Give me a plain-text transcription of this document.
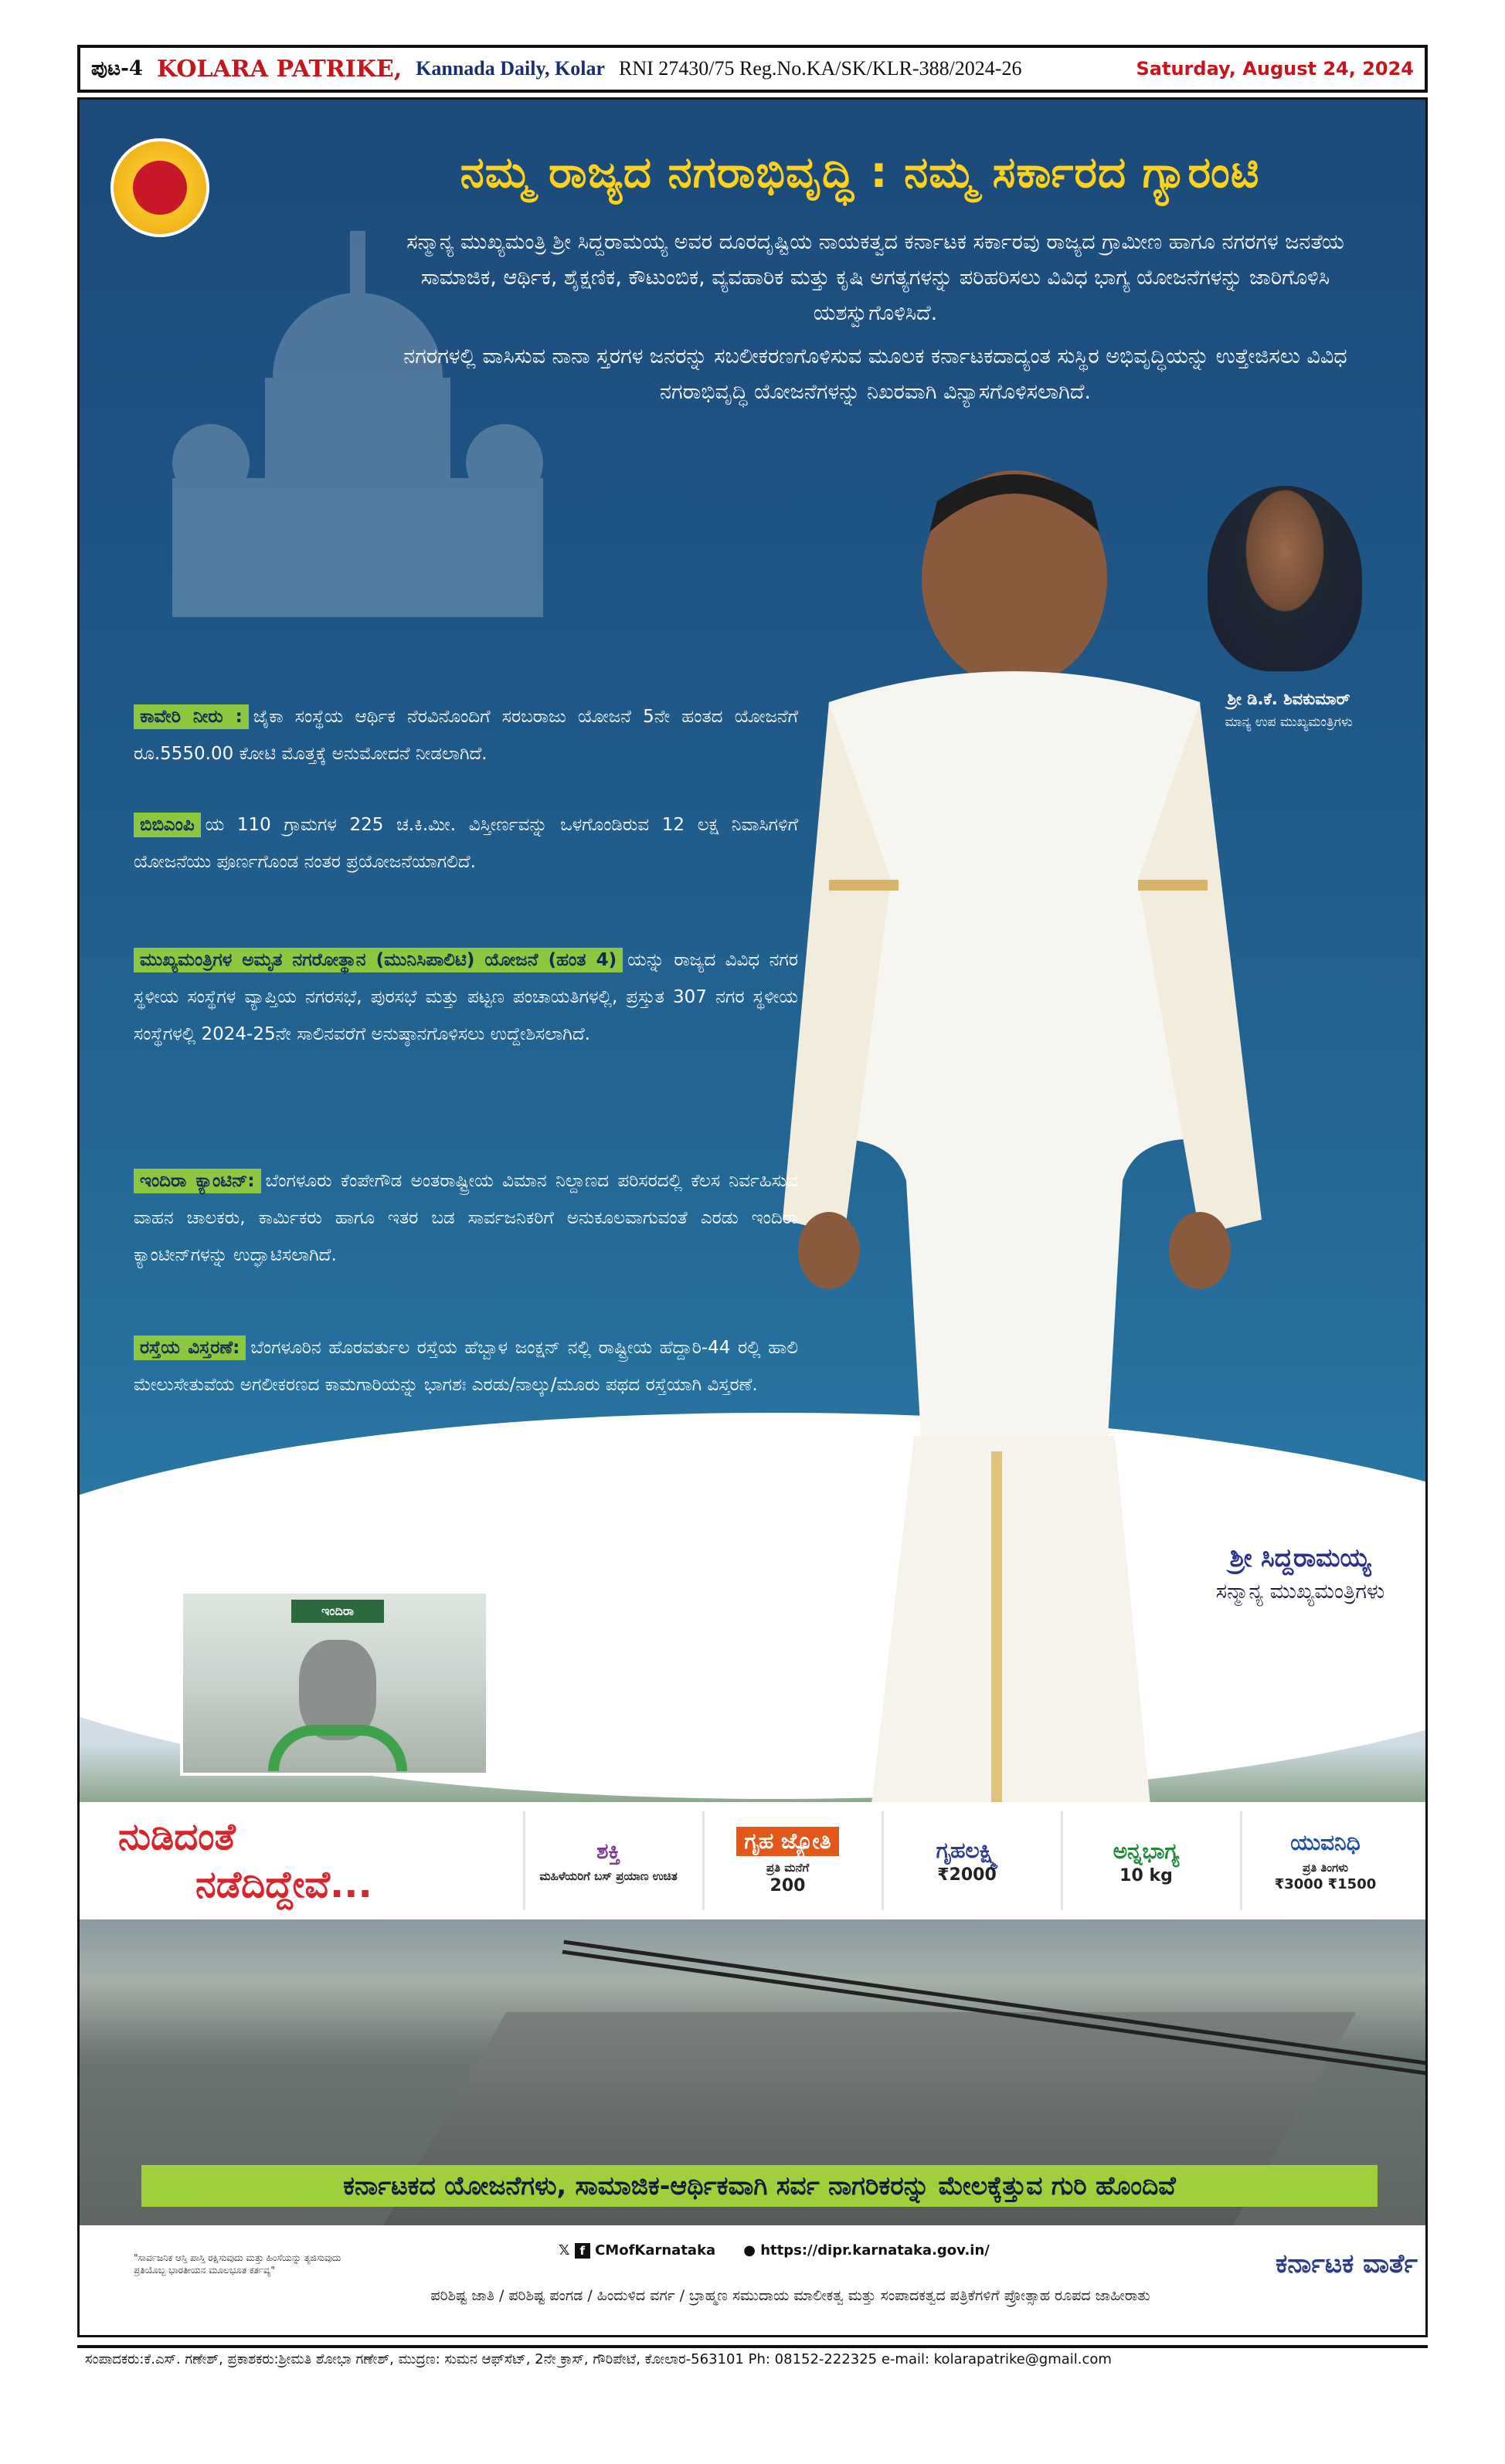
ಪುಟ-4 KOLARA PATRIKE, Kannada Daily, Kolar RNI 27430/75 Reg.No.KA/SK/KLR-388/2024-26	Saturday, August 24, 2024
ನಮ್ಮ ರಾಜ್ಯದ ನಗರಾಭಿವೃದ್ಧಿ : ನಮ್ಮ ಸರ್ಕಾರದ ಗ್ಯಾರಂಟಿ

ಸನ್ಮಾನ್ಯ ಮುಖ್ಯಮಂತ್ರಿ ಶ್ರೀ ಸಿದ್ದರಾಮಯ್ಯ ಅವರ ದೂರದೃಷ್ಟಿಯ ನಾಯಕತ್ವದ ಕರ್ನಾಟಕ ಸರ್ಕಾರವು ರಾಜ್ಯದ ಗ್ರಾಮೀಣ ಹಾಗೂ ನಗರಗಳ ಜನತೆಯ ಸಾಮಾಜಿಕ, ಆರ್ಥಿಕ, ಶೈಕ್ಷಣಿಕ, ಕೌಟುಂಬಿಕ, ವ್ಯವಹಾರಿಕ ಮತ್ತು ಕೃಷಿ ಅಗತ್ಯಗಳನ್ನು ಪರಿಹರಿಸಲು ವಿವಿಧ ಭಾಗ್ಯ ಯೋಜನೆಗಳನ್ನು ಜಾರಿಗೊಳಿಸಿ ಯಶಸ್ವುಗೊಳಿಸಿದೆ.

ನಗರಗಳಲ್ಲಿ ವಾಸಿಸುವ ನಾನಾ ಸ್ತರಗಳ ಜನರನ್ನು ಸಬಲೀಕರಣಗೊಳಿಸುವ ಮೂಲಕ ಕರ್ನಾಟಕದಾದ್ಯಂತ ಸುಸ್ಥಿರ ಅಭಿವೃದ್ಧಿಯನ್ನು ಉತ್ತೇಜಿಸಲು ವಿವಿಧ ನಗರಾಭಿವೃದ್ಧಿ ಯೋಜನೆಗಳನ್ನು ನಿಖರವಾಗಿ ವಿನ್ಯಾಸಗೊಳಿಸಲಾಗಿದೆ.

ಶ್ರೀ ಡಿ.ಕೆ. ಶಿವಕುಮಾರ್
ಮಾನ್ಯ ಉಪ ಮುಖ್ಯಮಂತ್ರಿಗಳು
ಶ್ರೀ ಸಿದ್ದರಾಮಯ್ಯ
ಸನ್ಮಾನ್ಯ ಮುಖ್ಯಮಂತ್ರಿಗಳು
ಕಾವೇರಿ ನೀರು : ಜೈಕಾ ಸಂಸ್ಥೆಯ ಆರ್ಥಿಕ ನೆರವಿನೊಂದಿಗೆ ಸರಬರಾಜು ಯೋಜನೆ 5ನೇ ಹಂತದ ಯೋಜನೆಗೆ ರೂ.5550.00 ಕೋಟಿ ಮೊತ್ತಕ್ಕೆ ಅನುಮೋದನೆ ನೀಡಲಾಗಿದೆ.
ಬಿಬಿಎಂಪಿ ಯ 110 ಗ್ರಾಮಗಳ 225 ಚ.ಕಿ.ಮೀ. ವಿಸ್ತೀರ್ಣವನ್ನು ಒಳಗೊಂಡಿರುವ 12 ಲಕ್ಷ ನಿವಾಸಿಗಳಿಗೆ ಯೋಜನೆಯು ಪೂರ್ಣಗೊಂಡ ನಂತರ ಪ್ರಯೋಜನೆಯಾಗಲಿದೆ.
ಮುಖ್ಯಮಂತ್ರಿಗಳ ಅಮೃತ ನಗರೋತ್ಥಾನ (ಮುನಿಸಿಪಾಲಿಟಿ) ಯೋಜನೆ (ಹಂತ 4) ಯನ್ನು ರಾಜ್ಯದ ವಿವಿಧ ನಗರ ಸ್ಥಳೀಯ ಸಂಸ್ಥೆಗಳ ವ್ಯಾಪ್ತಿಯ ನಗರಸಭೆ, ಪುರಸಭೆ ಮತ್ತು ಪಟ್ಟಣ ಪಂಚಾಯತಿಗಳಲ್ಲಿ, ಪ್ರಸ್ತುತ 307 ನಗರ ಸ್ಥಳೀಯ ಸಂಸ್ಥೆಗಳಲ್ಲಿ 2024-25ನೇ ಸಾಲಿನವರೆಗೆ ಅನುಷ್ಠಾನಗೊಳಿಸಲು ಉದ್ದೇಶಿಸಲಾಗಿದೆ.
ಇಂದಿರಾ ಕ್ಯಾಂಟಿನ್: ಬೆಂಗಳೂರು ಕೆಂಪೇಗೌಡ ಅಂತರಾಷ್ಟ್ರೀಯ ವಿಮಾನ ನಿಲ್ದಾಣದ ಪರಿಸರದಲ್ಲಿ ಕೆಲಸ ನಿರ್ವಹಿಸುವ ವಾಹನ ಚಾಲಕರು, ಕಾರ್ಮಿಕರು ಹಾಗೂ ಇತರ ಬಡ ಸಾರ್ವಜನಿಕರಿಗೆ ಅನುಕೂಲವಾಗುವಂತೆ ಎರಡು ಇಂದಿರಾ ಕ್ಯಾಂಟೀನ್‌ಗಳನ್ನು ಉದ್ಘಾಟಿಸಲಾಗಿದೆ.
ರಸ್ತೆಯ ವಿಸ್ತರಣೆ: ಬೆಂಗಳೂರಿನ ಹೊರವರ್ತುಲ ರಸ್ತೆಯ ಹೆಬ್ಬಾಳ ಜಂಕ್ಷನ್ ನಲ್ಲಿ ರಾಷ್ಟ್ರೀಯ ಹೆದ್ದಾರಿ-44 ರಲ್ಲಿ ಹಾಲಿ ಮೇಲುಸೇತುವೆಯ ಅಗಲೀಕರಣದ ಕಾಮಗಾರಿಯನ್ನು ಭಾಗಶಃ ಎರಡು/ನಾಲ್ಕು/ಮೂರು ಪಥದ ರಸ್ತೆಯಾಗಿ ವಿಸ್ತರಣೆ.
ಇಂದಿರಾ
ನುಡಿದಂತೆ
ನಡೆದಿದ್ದೇವೆ...
ಶಕ್ತಿ
ಮಹಿಳೆಯರಿಗೆ ಬಸ್ ಪ್ರಯಾಣ ಉಚಿತ
ಗೃಹ ಜ್ಯೋತಿ
ಪ್ರತಿ ಮನೆಗೆ
200
ಗೃಹಲಕ್ಷ್ಮಿ
₹2000
ಅನ್ನಭಾಗ್ಯ
10 kg
ಯುವನಿಧಿ
ಪ್ರತಿ ತಿಂಗಳು
₹3000 ₹1500
ಕರ್ನಾಟಕದ ಯೋಜನೆಗಳು, ಸಾಮಾಜಿಕ-ಆರ್ಥಿಕವಾಗಿ ಸರ್ವ ನಾಗರಿಕರನ್ನು ಮೇಲಕ್ಕೆತ್ತುವ ಗುರಿ ಹೊಂದಿವೆ
"ಸಾರ್ವಜನಿಕ ಆಸ್ತಿ ಪಾಸ್ತಿ ರಕ್ಷಿಸುವುದು ಮತ್ತು ಹಿಂಸೆಯನ್ನು ತ್ಯಜಿಸುವುದು ಪ್ರತಿಯೊಬ್ಬ ಭಾರತೀಯನ ಮೂಲಭೂತ ಕರ್ತವ್ಯ"
𝕏 f CMofKarnataka ● https://dipr.karnataka.gov.in/	ಕರ್ನಾಟಕ ವಾರ್ತೆ
ಪರಿಶಿಷ್ಟ ಜಾತಿ / ಪರಿಶಿಷ್ಟ ಪಂಗಡ / ಹಿಂದುಳಿದ ವರ್ಗ / ಬ್ರಾಹ್ಮಣ ಸಮುದಾಯ ಮಾಲೀಕತ್ವ ಮತ್ತು ಸಂಪಾದಕತ್ವದ ಪತ್ರಿಕೆಗಳಿಗೆ ಪ್ರೋತ್ಸಾಹ ರೂಪದ ಜಾಹೀರಾತು
ಸಂಪಾದಕರು:ಕೆ.ಎಸ್. ಗಣೇಶ್, ಪ್ರಕಾಶಕರು:ಶ್ರೀಮತಿ ಶೋಭಾ ಗಣೇಶ್, ಮುದ್ರಣ: ಸುಮನ ಆಫ್‌ಸೆಟ್, 2ನೇ ಕ್ರಾಸ್, ಗೌರಿಪೇಟೆ, ಕೋಲಾರ-563101 Ph: 08152-222325 e-mail: kolarapatrike@gmail.com
